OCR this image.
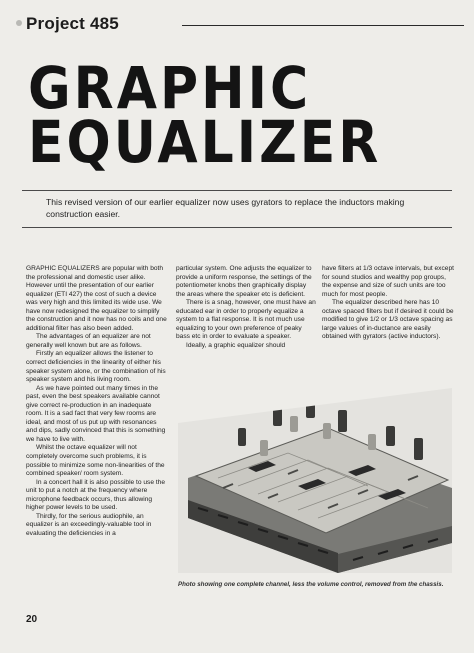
Project 485
GRAPHIC
EQUALIZER
This revised version of our earlier equalizer now uses gyrators to replace the inductors making construction easier.

GRAPHIC EQUALIZERS are popular with both the professional and domestic user alike. However until the presentation of our earlier equalizer (ETI 427) the cost of such a device was very high and this limited its wide use. We have now redesigned the equalizer to simplify the construction and it now has no coils and one additional filter has also been added.

The advantages of an equalizer are not generally well known but are as follows.

Firstly an equalizer allows the listener to correct deficiencies in the linearity of either his speaker system alone, or the combination of his speaker system and his living room.

As we have pointed out many times in the past, even the best speakers available cannot give correct re-production in an inadequate room. It is a sad fact that very few rooms are ideal, and most of us put up with resonances and dips, sadly convinced that this is something we have to live with.

Whilst the octave equalizer will not completely overcome such problems, it is possible to minimize some non-linearities of the combined speaker/ room system.

In a concert hall it is also possible to use the unit to put a notch at the frequency where microphone feedback occurs, thus allowing higher power levels to be used.

Thirdly, for the serious audiophile, an equalizer is an exceedingly-valuable tool in evaluating the deficiencies in a

particular system. One adjusts the equalizer to provide a uniform response, the settings of the potentiometer knobs then graphically display the areas where the speaker etc is deficient.

There is a snag, however, one must have an educated ear in order to properly equalize a system to a flat response. It is not much use equalizing to your own preference of peaky bass etc in order to evaluate a speaker.

Ideally, a graphic equalizer should

have filters at 1/3 octave intervals, but except for sound studios and wealthy pop groups, the expense and size of such units are too much for most people.

The equalizer described here has 10 octave spaced filters but if desired it could be modified to give 1/2 or 1/3 octave spacing as large values of in-ductance are easily obtained with gyrators (active inductors).

Photo showing one complete channel, less the volume control, removed from the chassis.
20
